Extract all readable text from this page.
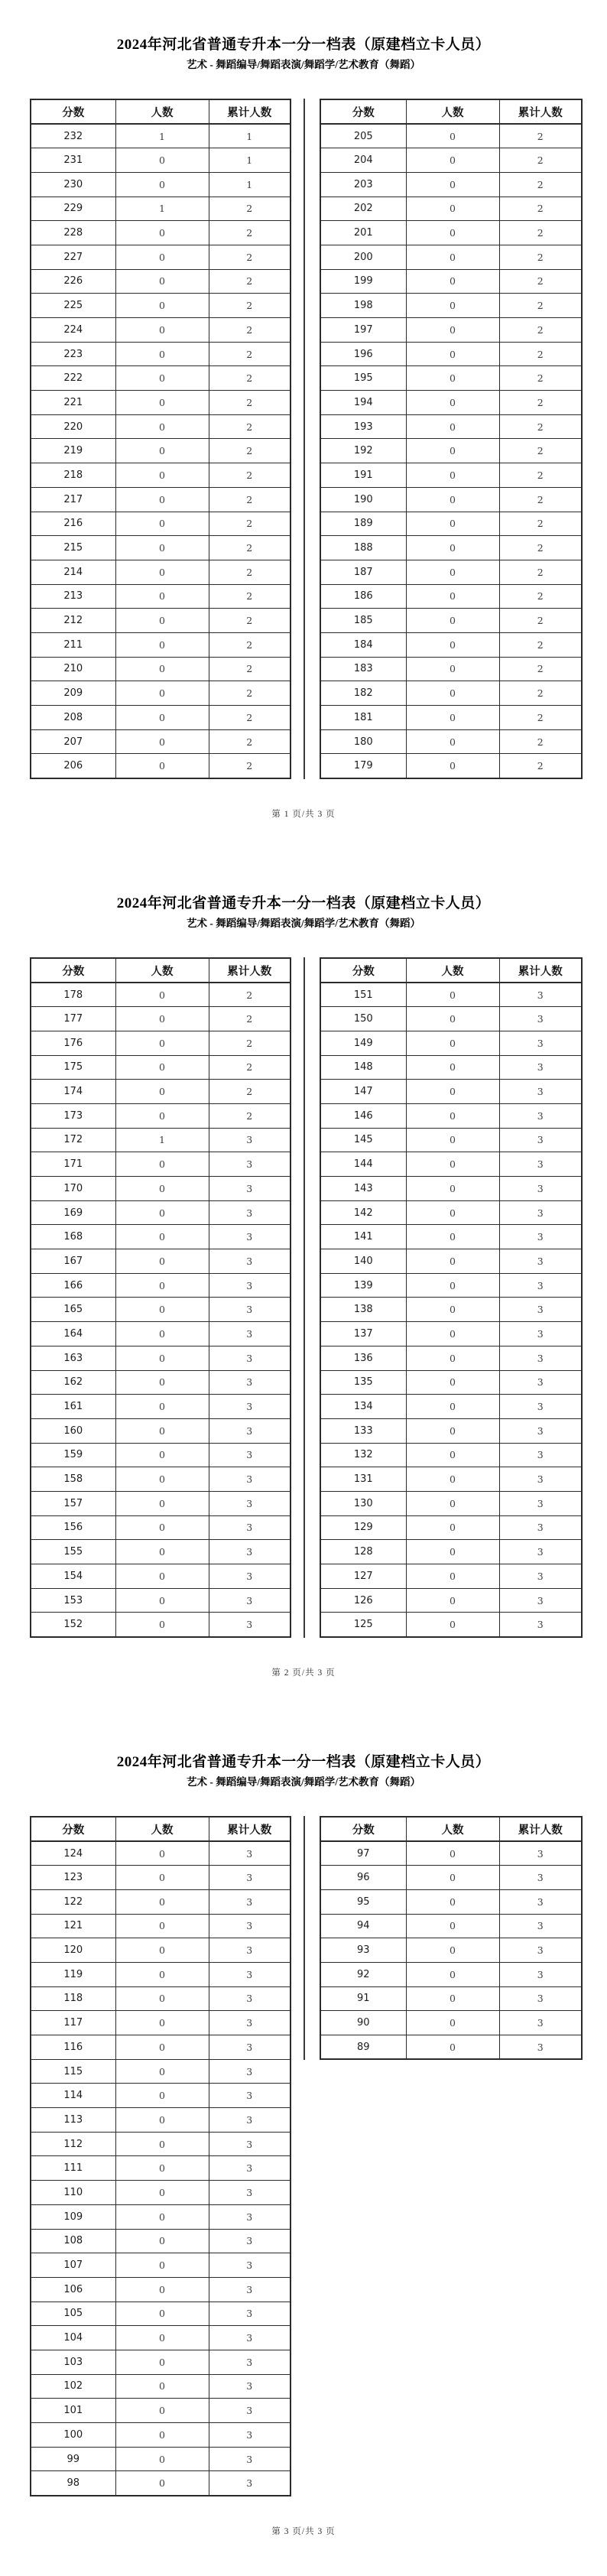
2024年河北省普通专升本一分一档表（原建档立卡人员）
艺术 - 舞蹈编导/舞蹈表演/舞蹈学/艺术教育（舞蹈）
分数	人数	累计人数
232	1	1
231	0	1
230	0	1
229	1	2
228	0	2
227	0	2
226	0	2
225	0	2
224	0	2
223	0	2
222	0	2
221	0	2
220	0	2
219	0	2
218	0	2
217	0	2
216	0	2
215	0	2
214	0	2
213	0	2
212	0	2
211	0	2
210	0	2
209	0	2
208	0	2
207	0	2
206	0	2
分数	人数	累计人数
205	0	2
204	0	2
203	0	2
202	0	2
201	0	2
200	0	2
199	0	2
198	0	2
197	0	2
196	0	2
195	0	2
194	0	2
193	0	2
192	0	2
191	0	2
190	0	2
189	0	2
188	0	2
187	0	2
186	0	2
185	0	2
184	0	2
183	0	2
182	0	2
181	0	2
180	0	2
179	0	2
第 1 页/共 3 页
2024年河北省普通专升本一分一档表（原建档立卡人员）
艺术 - 舞蹈编导/舞蹈表演/舞蹈学/艺术教育（舞蹈）
分数	人数	累计人数
178	0	2
177	0	2
176	0	2
175	0	2
174	0	2
173	0	2
172	1	3
171	0	3
170	0	3
169	0	3
168	0	3
167	0	3
166	0	3
165	0	3
164	0	3
163	0	3
162	0	3
161	0	3
160	0	3
159	0	3
158	0	3
157	0	3
156	0	3
155	0	3
154	0	3
153	0	3
152	0	3
分数	人数	累计人数
151	0	3
150	0	3
149	0	3
148	0	3
147	0	3
146	0	3
145	0	3
144	0	3
143	0	3
142	0	3
141	0	3
140	0	3
139	0	3
138	0	3
137	0	3
136	0	3
135	0	3
134	0	3
133	0	3
132	0	3
131	0	3
130	0	3
129	0	3
128	0	3
127	0	3
126	0	3
125	0	3
第 2 页/共 3 页
2024年河北省普通专升本一分一档表（原建档立卡人员）
艺术 - 舞蹈编导/舞蹈表演/舞蹈学/艺术教育（舞蹈）
分数	人数	累计人数
124	0	3
123	0	3
122	0	3
121	0	3
120	0	3
119	0	3
118	0	3
117	0	3
116	0	3
115	0	3
114	0	3
113	0	3
112	0	3
111	0	3
110	0	3
109	0	3
108	0	3
107	0	3
106	0	3
105	0	3
104	0	3
103	0	3
102	0	3
101	0	3
100	0	3
99	0	3
98	0	3
分数	人数	累计人数
97	0	3
96	0	3
95	0	3
94	0	3
93	0	3
92	0	3
91	0	3
90	0	3
89	0	3
第 3 页/共 3 页
